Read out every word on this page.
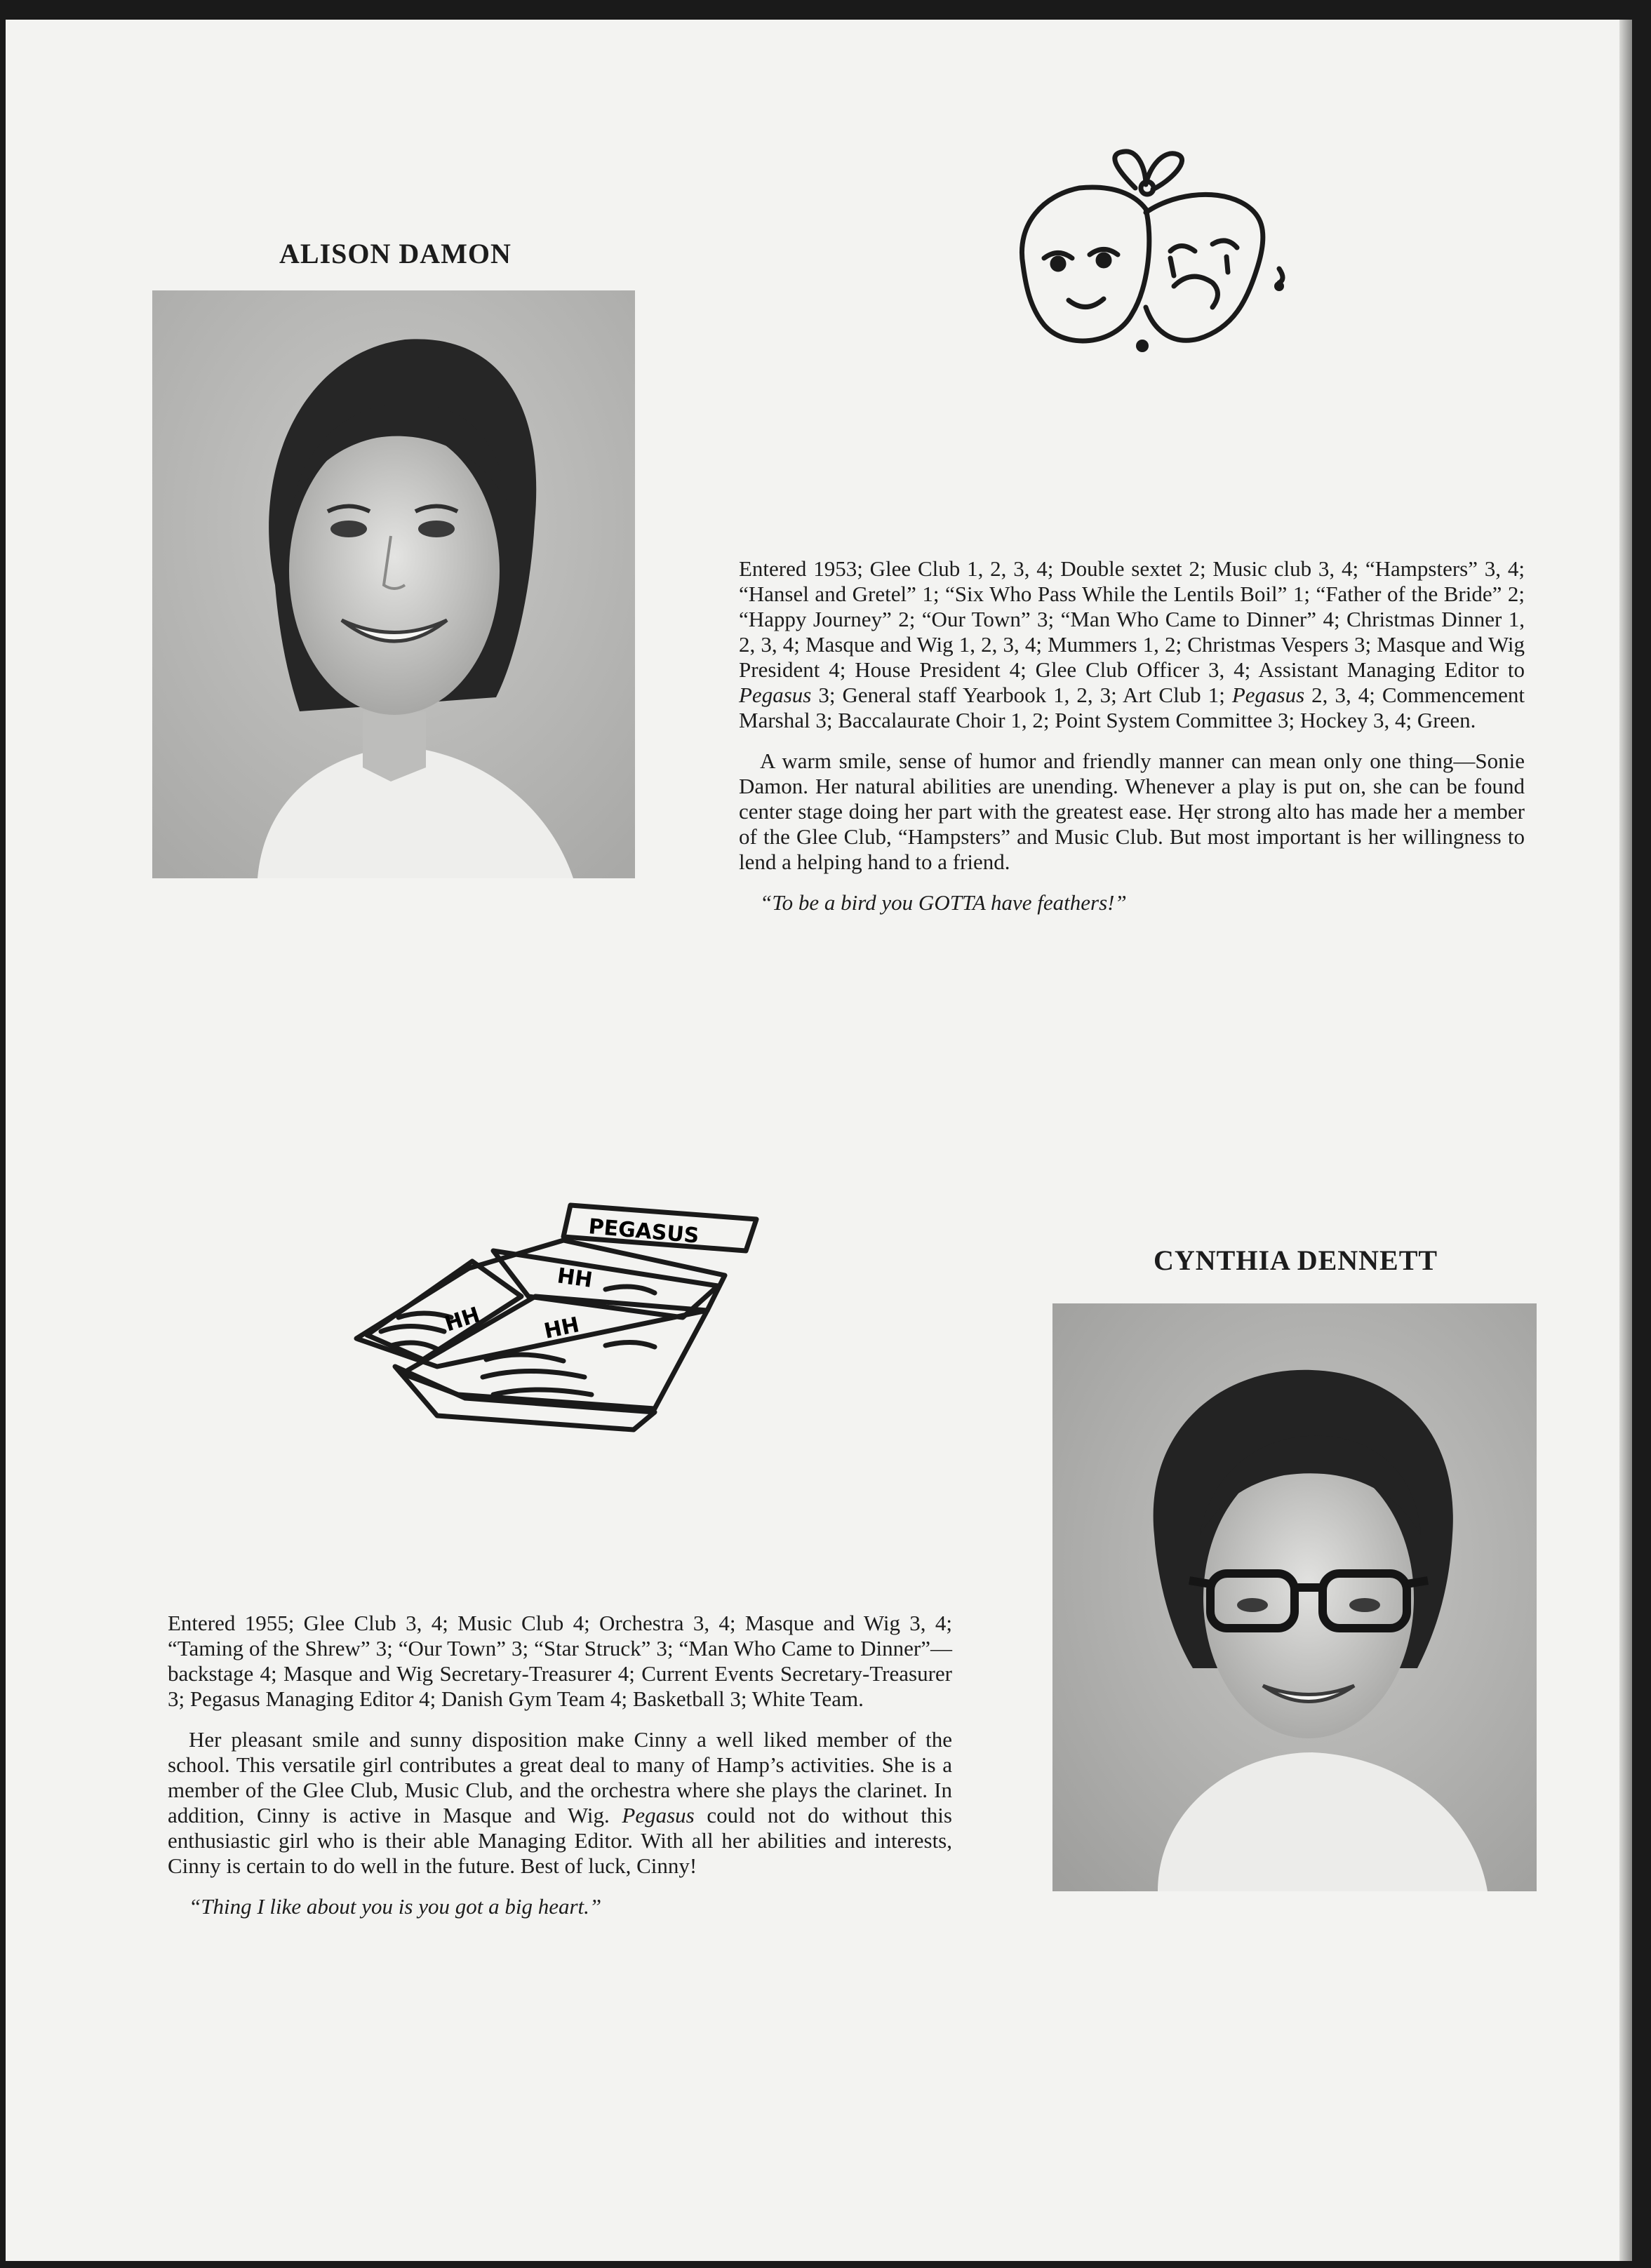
ALISON DAMON

Entered 1953; Glee Club 1, 2, 3, 4; Double sextet 2; Music club 3, 4; “Hampsters” 3, 4; “Hansel and Gretel” 1; “Six Who Pass While the Lentils Boil” 1; “Father of the Bride” 2; “Happy Journey” 2; “Our Town” 3; “Man Who Came to Dinner” 4; Christmas Dinner 1, 2, 3, 4; Masque and Wig 1, 2, 3, 4; Mummers 1, 2; Christmas Vespers 3; Masque and Wig President 4; House President 4; Glee Club Officer 3, 4; Assistant Managing Editor to Pegasus 3; General staff Yearbook 1, 2, 3; Art Club 1; Pegasus 2, 3, 4; Commencement Marshal 3; Baccalaurate Choir 1, 2; Point System Committee 3; Hockey 3, 4; Green.

A warm smile, sense of humor and friendly manner can mean only one thing—Sonie Damon. Her natural abilities are unending. Whenever a play is put on, she can be found center stage doing her part with the greatest ease. Hęr strong alto has made her a member of the Glee Club, “Hampsters” and Music Club. But most important is her willingness to lend a helping hand to a friend.

“To be a bird you GOTTA have feathers!”

PEGASUS
HH
HH
HH
CYNTHIA DENNETT

Entered 1955; Glee Club 3, 4; Music Club 4; Orchestra 3, 4; Masque and Wig 3, 4; “Taming of the Shrew” 3; “Our Town” 3; “Star Struck” 3; “Man Who Came to Dinner”—backstage 4; Masque and Wig Secretary-Treasurer 4; Current Events Secretary-Treasurer 3; Pegasus Managing Editor 4; Danish Gym Team 4; Basketball 3; White Team.

Her pleasant smile and sunny disposition make Cinny a well liked member of the school. This versatile girl contributes a great deal to many of Hamp’s activities. She is a member of the Glee Club, Music Club, and the orchestra where she plays the clarinet. In addition, Cinny is active in Masque and Wig. Pegasus could not do without this enthusiastic girl who is their able Managing Editor. With all her abilities and interests, Cinny is certain to do well in the future. Best of luck, Cinny!

“Thing I like about you is you got a big heart.”
